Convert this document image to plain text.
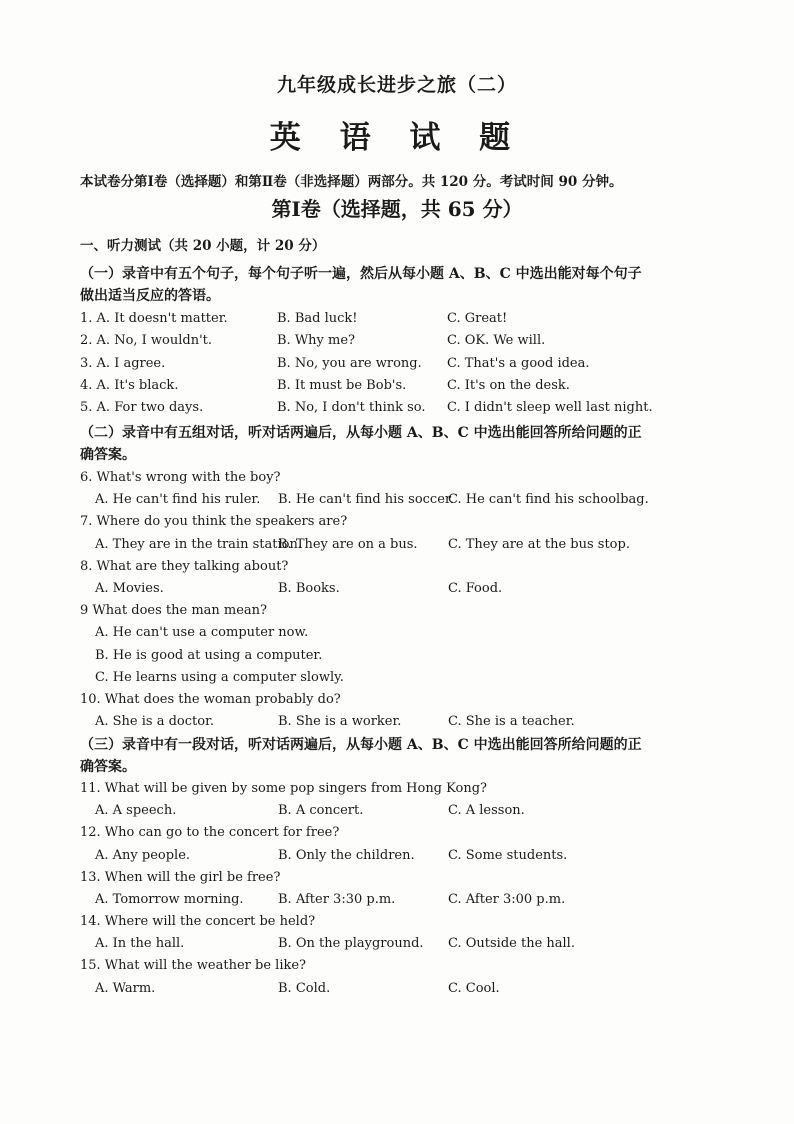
九年级成长进步之旅（二）
英 语 试 题
本试卷分第Ⅰ卷（选择题）和第Ⅱ卷（非选择题）两部分。共 120 分。考试时间 90 分钟。
第Ⅰ卷（选择题，共 65 分）
一、听力测试（共 20 小题，计 20 分）
（一）录音中有五个句子，每个句子听一遍，然后从每小题 A、B、C 中选出能对每个句子做出适当反应的答语。
1. A. It doesn't matter.	B. Bad luck!	C. Great!
2. A. No, I wouldn't.	B. Why me?	C. OK. We will.
3. A. I agree.	B. No, you are wrong. C. That's a good idea.
4. A. It's black.	B. It must be Bob's.	C. It's on the desk.
5. A. For two days.	B. No, I don't think so. C. I didn't sleep well last night.
（二）录音中有五组对话，听对话两遍后，从每小题 A、B、C 中选出能回答所给问题的正确答案。
6. What's wrong with the boy?
A. He can't find his ruler. B. He can't find his soccer.
C. He can't find his schoolbag.
7. Where do you think the speakers are?
A. They are in the train station.
B. They are on a bus. C. They are at the bus stop.
8. What are they talking about?
A. Movies.	B. Books.	C. Food.
9 What does the man mean?
A. He can't use a computer now.
B. He is good at using a computer.
C. He learns using a computer slowly.
10. What does the woman probably do?
A. She is a doctor.	B. She is a worker.	C. She is a teacher.
（三）录音中有一段对话，听对话两遍后，从每小题 A、B、C 中选出能回答所给问题的正确答案。
11. What will be given by some pop singers from Hong Kong?
A. A speech.	B. A concert.	C. A lesson.
12. Who can go to the concert for free?
A. Any people.	B. Only the children.	C. Some students.
13. When will the girl be free?
A. Tomorrow morning.	B. After 3:30 p.m.	C. After 3:00 p.m.
14. Where will the concert be held?
A. In the hall.	B. On the playground. C. Outside the hall.
15. What will the weather be like?
A. Warm.	B. Cold.	C. Cool.
